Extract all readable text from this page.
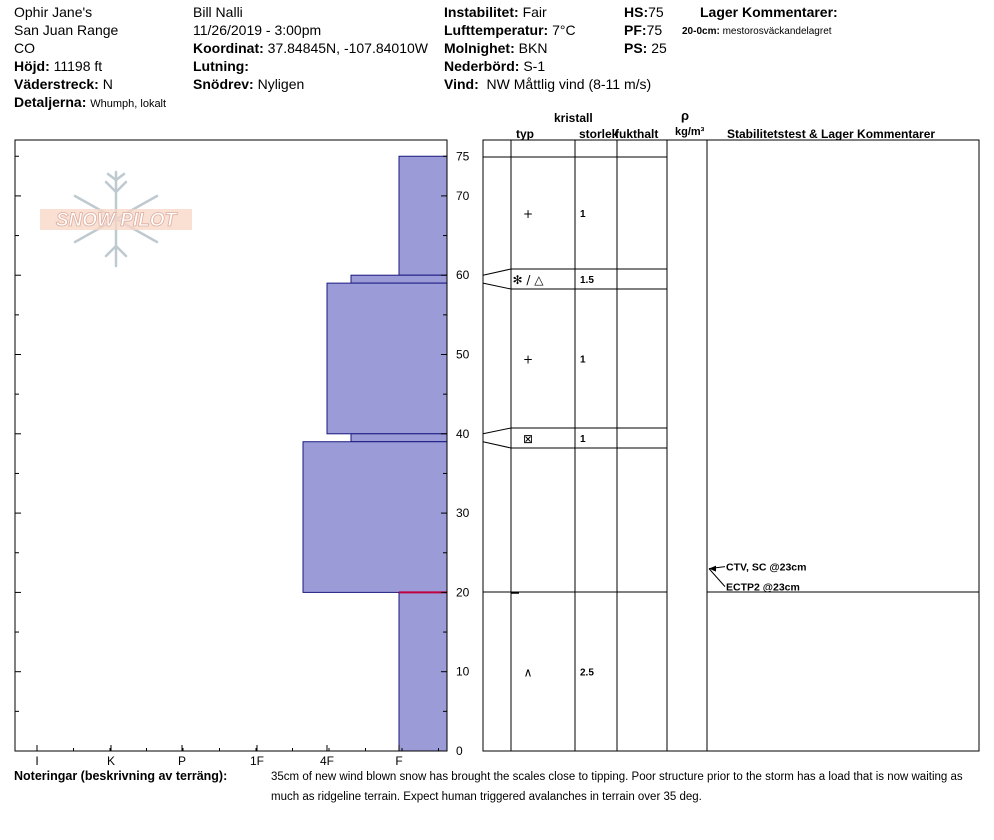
Ophir Jane's
San Juan Range
CO
Höjd: 11198 ft
Väderstreck: N
Detaljerna: Whumph, lokalt
Bill Nalli
11/26/2019 - 3:00pm
Koordinat: 37.84845N, -107.84010W
Lutning:
Snödrev: Nyligen
Instabilitet: Fair
Lufttemperatur: 7°C
Molnighet: BKN
Nederbörd: S-1
Vind: NW Måttlig vind (8-11 m/s)
HS:75
PF:75
PS: 25
Lager Kommentarer:
20-0cm: mestorosväckandelagret
kristall
typ	storlek
fukthalt
ρ
kg/m³ Stabilitetstest & Lager Kommentarer
SNOW PILOT
0
10
20
30
40
50
60
70
75
I	K	P	1F	4F	F
+	1
✻ / △	1.5
+	1
⊠	1
∧	2.5
CTV, SC @23cm
ECTP2 @23cm
Noteringar (beskrivning av terräng):	35cm of new wind blown snow has brought the scales close to tipping. Poor structure prior to the storm has a load that is now waiting as much as ridgeline terrain. Expect human triggered avalanches in terrain over 35 deg.
